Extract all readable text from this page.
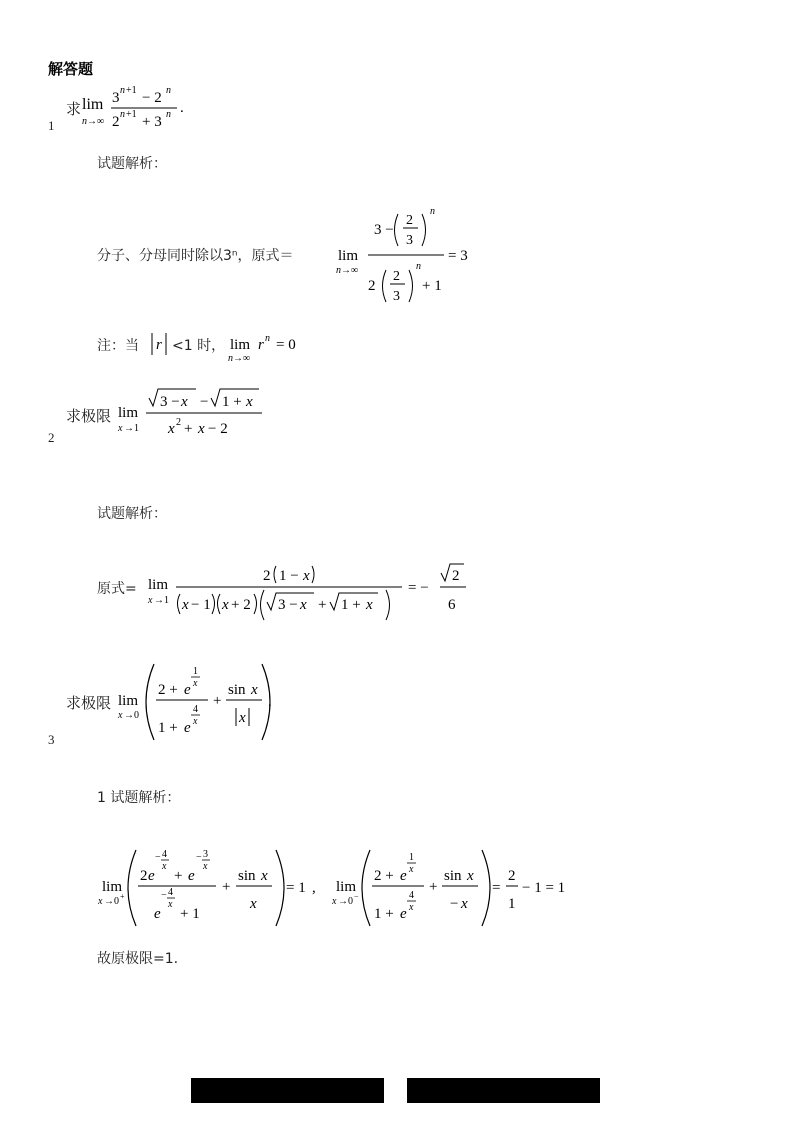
解答题
1
求 lim
n→∞
3 n +1 − 2 n
2 n +1 + 3 n .
试题解析：
分子、分母同时除以3ⁿ，原式＝	lim
n→∞
3 −
2
3
n
2
2
3
n
+ 1
= 3
注：当 r <1 时， lim
n→∞
r n = 0
2
求极限 lim
x →1
3 − x − 1 + x
x 2 + x − 2
试题解析：
原式= lim
x →1
2 1 − x
x − 1 x + 2 3 − x + 1 + x
= −
2
6
3
求极限 lim
x →0
2 + e
1
x
1 + e
4
x
+
sin x
x
.
1 试题解析：
lim
x →0 +
2 e
− 4
x
+ e
− 3
x
e
− 4
x
+ 1
+
sin x
x
= 1 , lim
x →0 −
2 + e
1
x
1 + e
4
x
+
sin x
− x
=
2
1
− 1 = 1
故原极限=1.
